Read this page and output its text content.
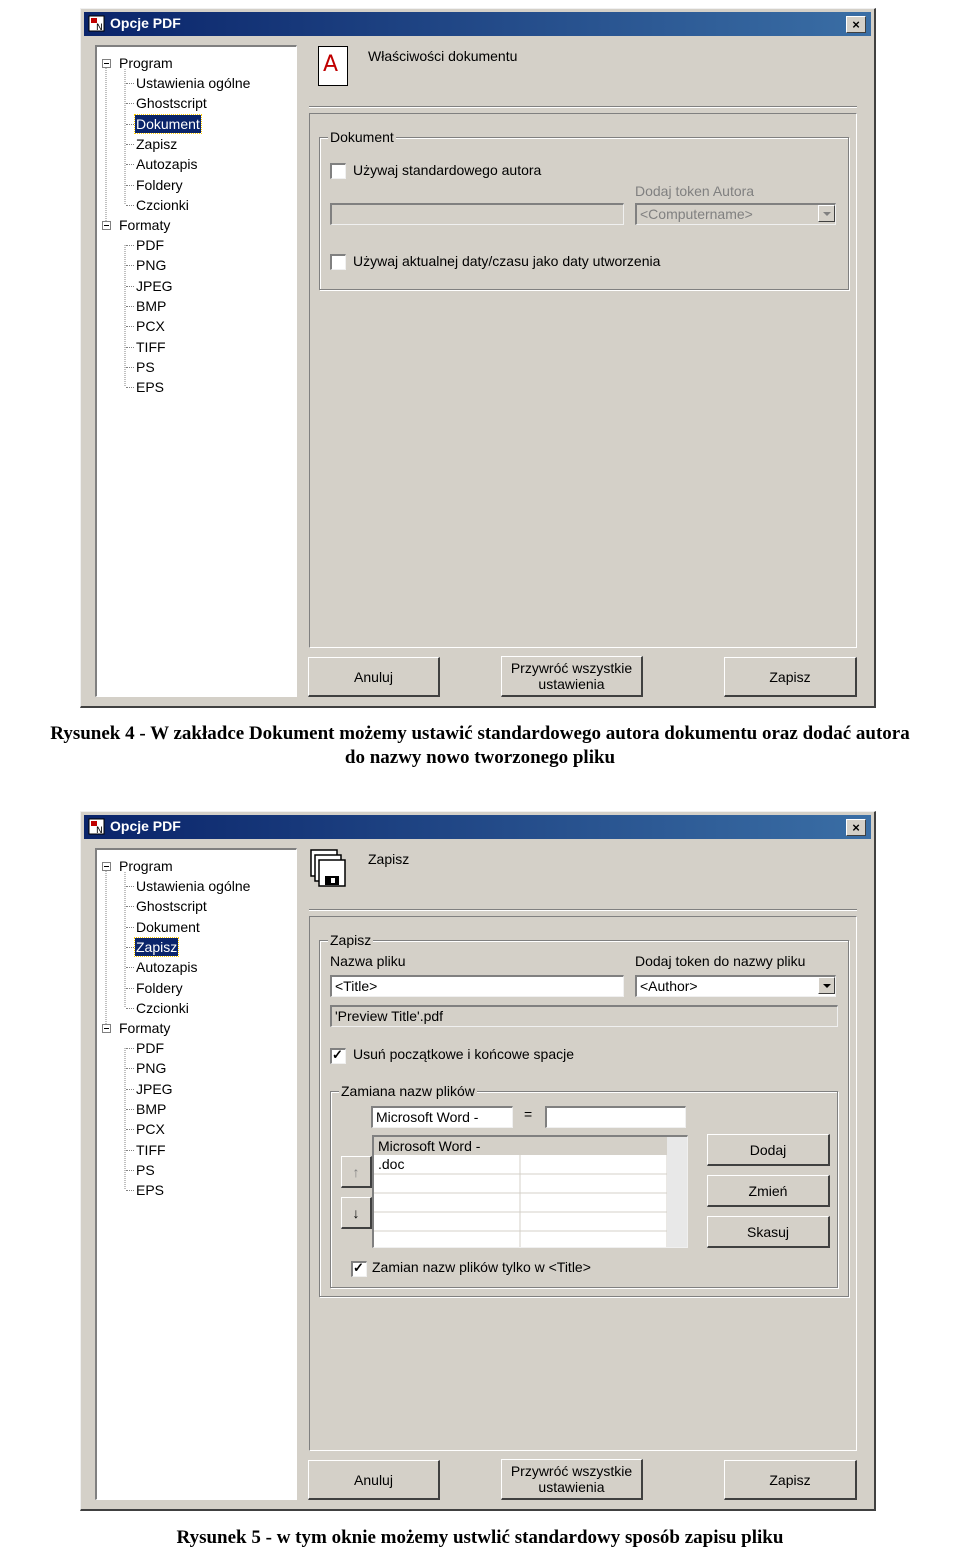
N Opcje PDF	×
Program
Ustawienia ogólne
Ghostscript
Dokument
Zapisz
Autozapis
Foldery
Czcionki
Formaty
PDF
PNG
JPEG
BMP
PCX
TIFF
PS
EPS
A Właściwości dokumentu
Dokument
Używaj standardowego autora
Dodaj token Autora
<Computername>
Używaj aktualnej daty/czasu jako daty utworzenia
Anuluj
Przywróć wszystkie
ustawienia	Zapisz
Rysunek 4 - W zakładce Dokument możemy ustawić standardowego autora dokumentu oraz dodać autora
do nazwy nowo tworzonego pliku
N Opcje PDF	×
Program
Ustawienia ogólne
Ghostscript
Dokument
Zapisz
Autozapis
Foldery
Czcionki
Formaty
PDF
PNG
JPEG
BMP
PCX
TIFF
PS
EPS
Zapisz
Zapisz
Nazwa pliku	Dodaj token do nazwy pliku
<Title>	<Author>
'Preview Title'.pdf
✓
Usuń początkowe i końcowe spacje
Zamiana nazw plików
Microsoft Word -	=
↑
↓
Microsoft Word -
.doc
Dodaj
Zmień
Skasuj
✓
Zamian nazw plików tylko w <Title>
Anuluj
Przywróć wszystkie
ustawienia	Zapisz
Rysunek 5 - w tym oknie możemy ustwlić standardowy sposób zapisu pliku
